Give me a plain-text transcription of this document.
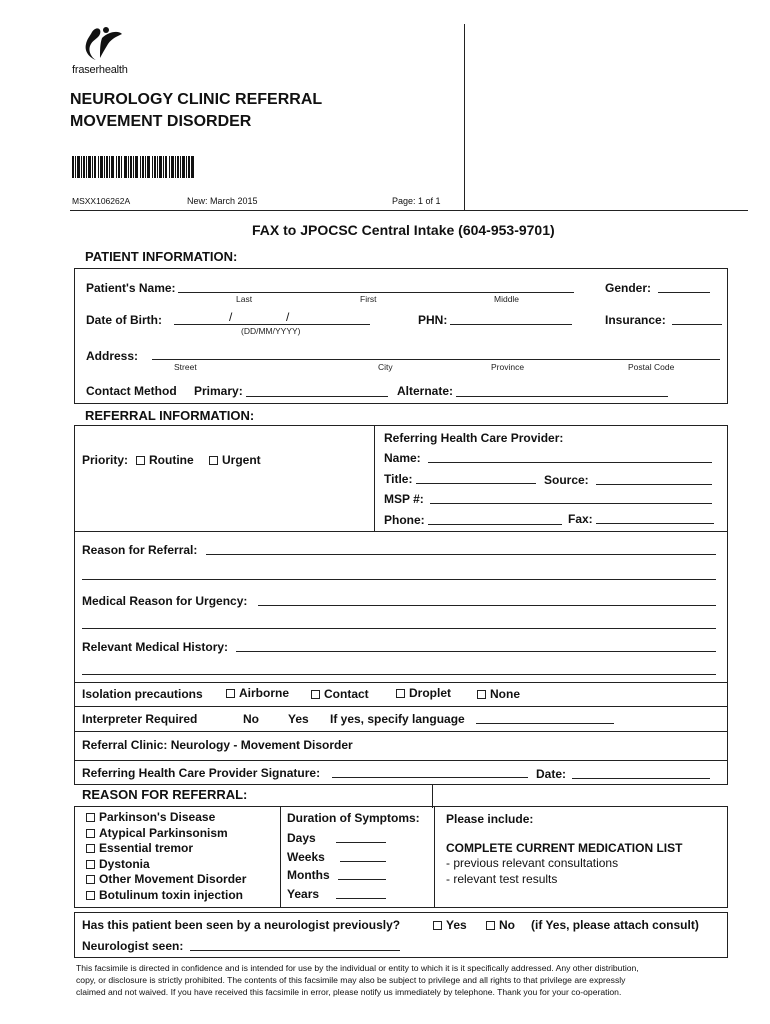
fraserhealth
NEUROLOGY CLINIC REFERRAL
MOVEMENT DISORDER
MSXX106262A	New: March 2015	Page: 1 of 1
FAX to JPOCSC Central Intake (604-953-9701)
PATIENT INFORMATION:
Patient's Name:
Last	First	Middle
Gender:
Date of Birth:	/	/
(DD/MM/YYYY)
PHN:	Insurance:
Address:
Street	City	Province	Postal Code
Contact Method Primary:	Alternate:
REFERRAL INFORMATION:
Priority:	Routine	Urgent
Referring Health Care Provider:
Name:
Title:	Source:
MSP #:
Phone:	Fax:
Reason for Referral:
Medical Reason for Urgency:
Relevant Medical History:
Isolation precautions	Airborne	Contact	Droplet	None
Interpreter Required	No Yes If yes, specify language
Referral Clinic: Neurology - Movement Disorder
Referring Health Care Provider Signature:	Date:
REASON FOR REFERRAL:
Parkinson's Disease
Atypical Parkinsonism
Essential tremor
Dystonia
Other Movement Disorder
Botulinum toxin injection
Duration of Symptoms:
Days
Weeks
Months
Years
Please include:
COMPLETE CURRENT MEDICATION LIST
- previous relevant consultations
- relevant test results
Has this patient been seen by a neurologist previously?	Yes	No (if Yes, please attach consult)
Neurologist seen:
This facsimile is directed in confidence and is intended for use by the individual or entity to which it is it specifically addressed. Any other distribution,
copy, or disclosure is strictly prohibited. The contents of this facsimile may also be subject to privilege and all rights to that privilege are expressly
claimed and not waived. If you have received this facsimile in error, please notify us immediately by telephone. Thank you for your co-operation.
